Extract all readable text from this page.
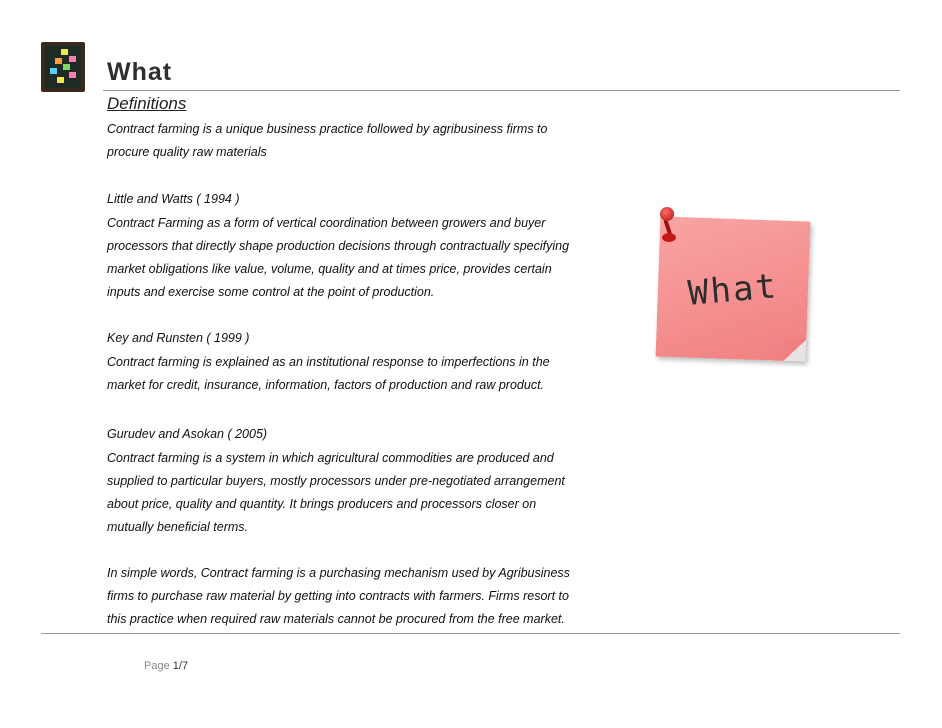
What
Definitions
Contract farming is a unique business practice followed by agribusiness firms to
procure quality raw materials
Little and Watts ( 1994 )
Contract Farming as a form of vertical coordination between growers and buyer
processors that directly shape production decisions through contractually specifying
market obligations like value, volume, quality and at times price, provides certain
inputs and exercise some control at the point of production.
Key and Runsten ( 1999 )
Contract farming is explained as an institutional response to imperfections in the
market for credit, insurance, information, factors of production and raw product.
Gurudev and Asokan ( 2005)
Contract farming is a system in which agricultural commodities are produced and
supplied to particular buyers, mostly processors under pre-negotiated arrangement
about price, quality and quantity. It brings producers and processors closer on
mutually beneficial terms.
In simple words, Contract farming is a purchasing mechanism used by Agribusiness
firms to purchase raw material by getting into contracts with farmers. Firms resort to
this practice when required raw materials cannot be procured from the free market.
What
Page 1/7
